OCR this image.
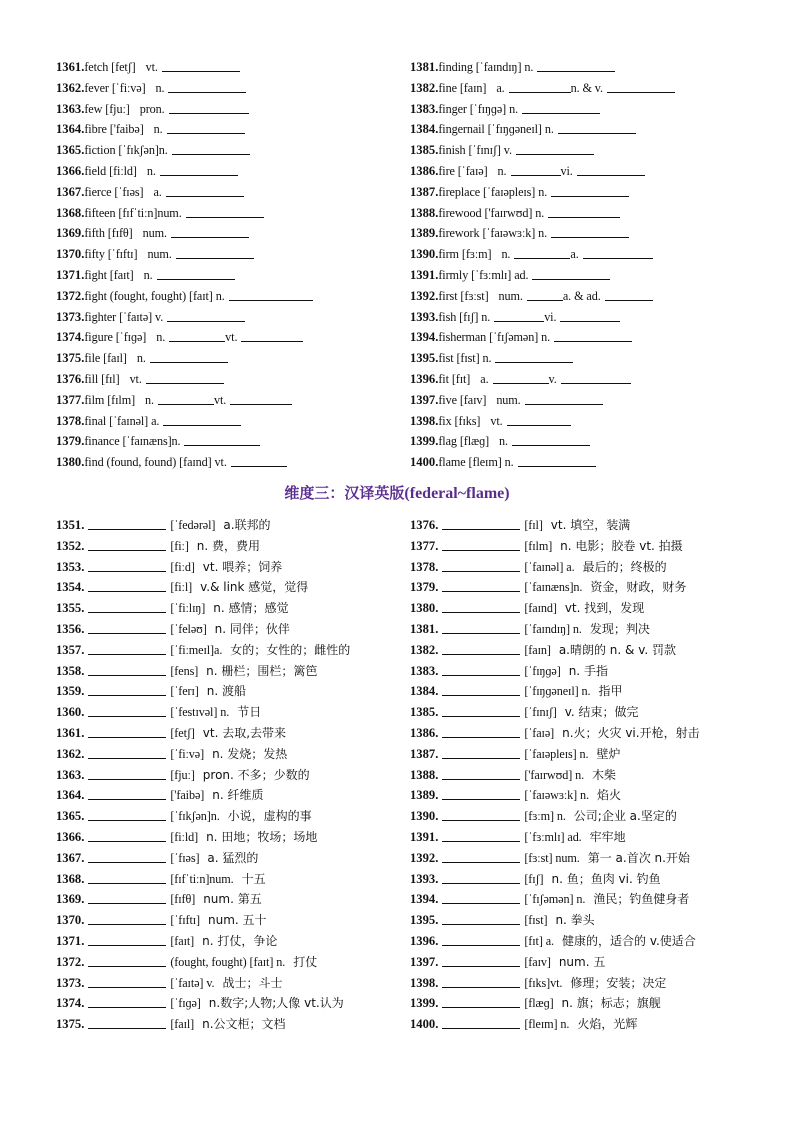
1361.fetch [fetʃ] vt.
1362.fever [ˈfiːvə] n.
1363.few [fjuː] pron.
1364.fibre ['faibə] n.
1365.fiction [ˈfɪkʃən]n.
1366.field [fiːld] n.
1367.fierce [ˈfɪəs] a.
1368.fifteen [fɪfˈtiːn]num.
1369.fifth [fɪfθ] num.
1370.fifty [ˈfɪftɪ] num.
1371.fight [faɪt] n.
1372.fight (fought, fought) [faɪt] n.
1373.fighter [ˈfaɪtə] v.
1374.figure [ˈfɪɡə] n.	vt.
1375.file [faɪl] n.
1376.fill [fɪl] vt.
1377.film [fɪlm] n.	vt.
1378.final [ˈfaɪnəl] a.
1379.finance [ˈfaɪnæns]n.
1380.find (found, found) [faɪnd] vt.
1381.finding [ˈfaɪndɪŋ] n.
1382.fine [faɪn] a.	n. & v.
1383.finger [ˈfɪŋɡə] n.
1384.fingernail [ˈfɪŋɡəneɪl] n.
1385.finish [ˈfɪnɪʃ] v.
1386.fire [ˈfaɪə] n.	vi.
1387.fireplace [ˈfaɪəpleɪs] n.
1388.firewood ['faɪrwʊd] n.
1389.firework [ˈfaɪəwɜːk] n.
1390.firm [fɜːm] n.	a.
1391.firmly [ˈfɜːmlɪ] ad.
1392.first [fɜːst] num.	a. & ad.
1393.fish [fɪʃ] n.	vi.
1394.fisherman [ˈfɪʃəmən] n.
1395.fist [fɪst] n.
1396.fit [fɪt] a.	v.
1397.five [faɪv] num.
1398.fix [fɪks] vt.
1399.flag [flæɡ] n.
1400.flame [fleɪm] n.
维度三：汉译英版(federal~flame)
1351.	[ˈfedərəl] a.联邦的
1352.	[fiː] n. 费，费用
1353.	[fiːd] vt. 喂养；饲养
1354.	[fiːl] v.& link 感觉，觉得
1355.	[ˈfiːlɪŋ] n. 感情；感觉
1356.	[ˈfeləʊ] n. 同伴；伙伴
1357.	[ˈfiːmeɪl]a. 女的；女性的；雌性的
1358.	[fens] n. 栅栏；围栏；篱笆
1359.	[ˈferɪ] n. 渡船
1360.	[ˈfestɪvəl] n. 节日
1361.	[fetʃ] vt. 去取,去带来
1362.	[ˈfiːvə] n. 发烧；发热
1363.	[fjuː] pron. 不多；少数的
1364.	['faibə] n. 纤维质
1365.	[ˈfɪkʃən]n. 小说，虚构的事
1366.	[fiːld] n. 田地；牧场；场地
1367.	[ˈfɪəs] a. 猛烈的
1368.	[fɪfˈtiːn]num. 十五
1369.	[fɪfθ] num. 第五
1370.	[ˈfɪftɪ] num. 五十
1371.	[faɪt] n. 打仗，争论
1372.	(fought, fought) [faɪt] n. 打仗
1373.	[ˈfaɪtə] v. 战士；斗士
1374.	[ˈfɪɡə] n.数字;人物;人像 vt.认为
1375.	[faɪl] n.公文柜；文档
1376.	[fɪl] vt. 填空，装满
1377.	[fɪlm] n. 电影；胶卷 vt. 拍摄
1378.	[ˈfaɪnəl] a. 最后的；终极的
1379.	[ˈfaɪnæns]n. 资金，财政，财务
1380.	[faɪnd] vt. 找到，发现
1381.	[ˈfaɪndɪŋ] n. 发现；判决
1382.	[faɪn] a.晴朗的 n. & v. 罚款
1383.	[ˈfɪŋɡə] n. 手指
1384.	[ˈfɪŋɡəneɪl] n. 指甲
1385.	[ˈfɪnɪʃ] v. 结束；做完
1386.	[ˈfaɪə] n.火；火灾 vi.开枪，射击
1387.	[ˈfaɪəpleɪs] n. 壁炉
1388.	['faɪrwʊd] n. 木柴
1389.	[ˈfaɪəwɜːk] n. 焰火
1390.	[fɜːm] n. 公司;企业 a.坚定的
1391.	[ˈfɜːmlɪ] ad. 牢牢地
1392.	[fɜːst] num. 第一 a.首次 n.开始
1393.	[fɪʃ] n. 鱼；鱼肉 vi. 钓鱼
1394.	[ˈfɪʃəmən] n. 渔民；钓鱼健身者
1395.	[fɪst] n. 拳头
1396.	[fɪt] a. 健康的，适合的 v.使适合
1397.	[faɪv] num. 五
1398.	[fɪks]vt. 修理；安装；决定
1399.	[flæɡ] n. 旗；标志；旗舰
1400.	[fleɪm] n. 火焰，光辉
